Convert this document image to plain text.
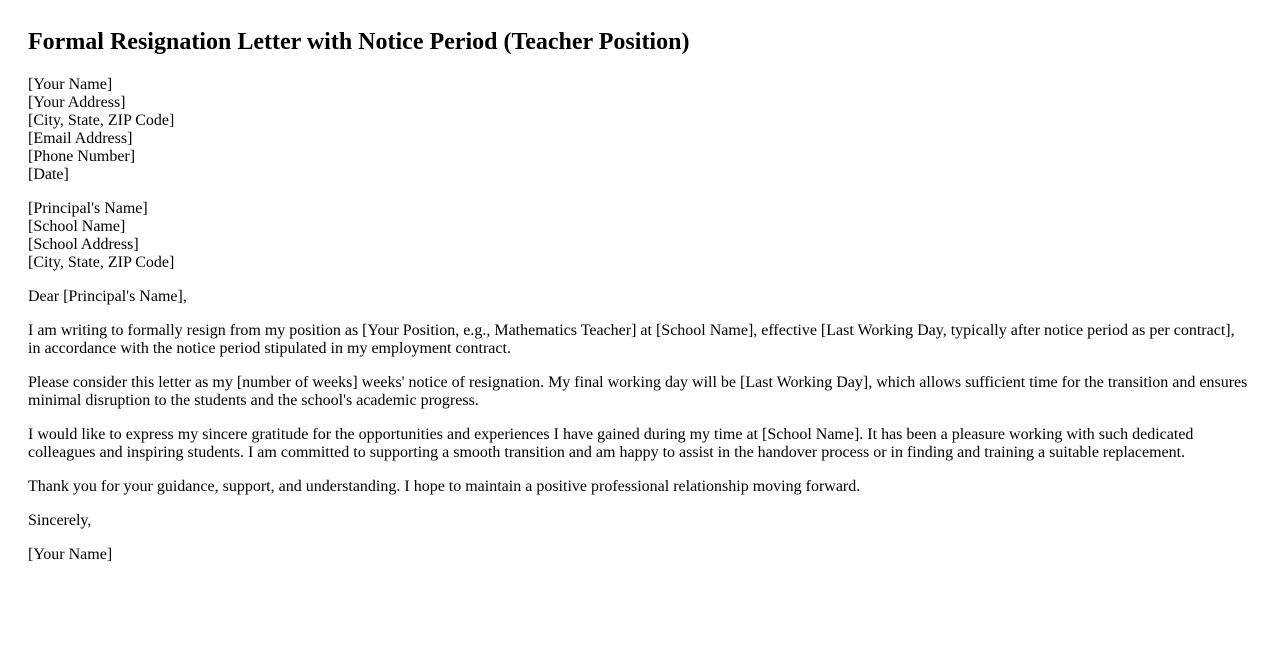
Formal Resignation Letter with Notice Period (Teacher Position)
[Your Name]
[Your Address]
[City, State, ZIP Code]
[Email Address]
[Phone Number]
[Date]
[Principal's Name]
[School Name]
[School Address]
[City, State, ZIP Code]

Dear [Principal's Name],

I am writing to formally resign from my position as [Your Position, e.g., Mathematics Teacher] at [School Name], effective [Last Working Day, typically after notice period as per contract], in accordance with the notice period stipulated in my employment contract.

Please consider this letter as my [number of weeks] weeks' notice of resignation. My final working day will be [Last Working Day], which allows sufficient time for the transition and ensures minimal disruption to the students and the school's academic progress.

I would like to express my sincere gratitude for the opportunities and experiences I have gained during my time at [School Name]. It has been a pleasure working with such dedicated colleagues and inspiring students. I am committed to supporting a smooth transition and am happy to assist in the handover process or in finding and training a suitable replacement.

Thank you for your guidance, support, and understanding. I hope to maintain a positive professional relationship moving forward.

Sincerely,

[Your Name]
